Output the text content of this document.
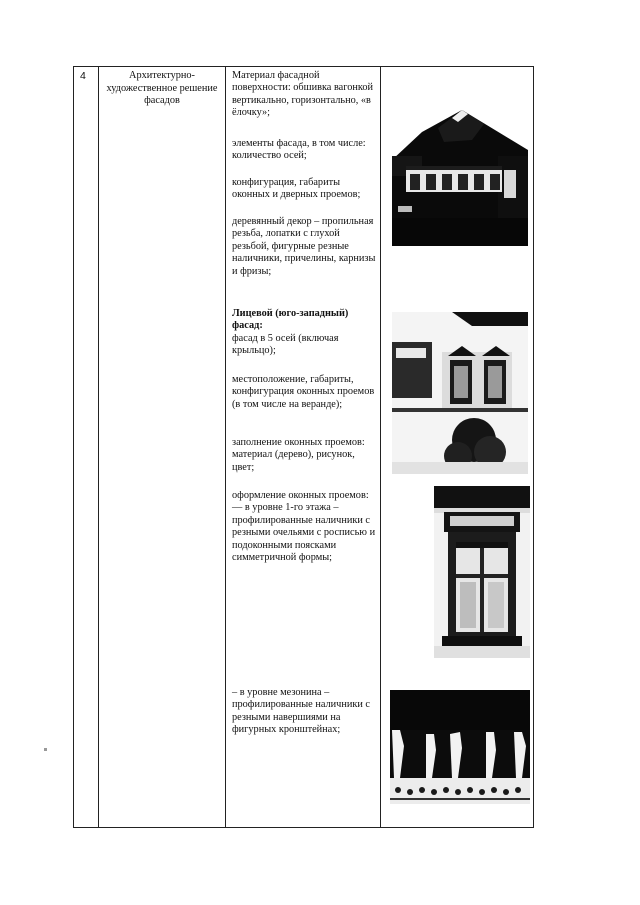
4	Архитектурно-художественное решение фасадов
Материал фасадной поверхности: обшивка вагонкой вертикально, горизонтально, «в ёлочку»;
элементы фасада, в том числе: количество осей;
конфигурация, габариты оконных и дверных проемов;
деревянный декор – пропильная резьба, лопатки с глухой резьбой, фигурные резные наличники, причелины, карнизы и фризы;
Лицевой (юго-западный) фасад:
фасад в 5 осей (включая крыльцо);
местоположение, габариты, конфигурация оконных проемов (в том числе на веранде);
заполнение оконных проемов: материал (дерево), рисунок, цвет;
оформление оконных проемов:
— в уровне 1-го этажа – профилированные наличники с резными очельями с росписью и подоконными поясками симметричной формы;
– в уровне мезонина – профилированные наличники с резными навершиями на фигурных кронштейнах;
